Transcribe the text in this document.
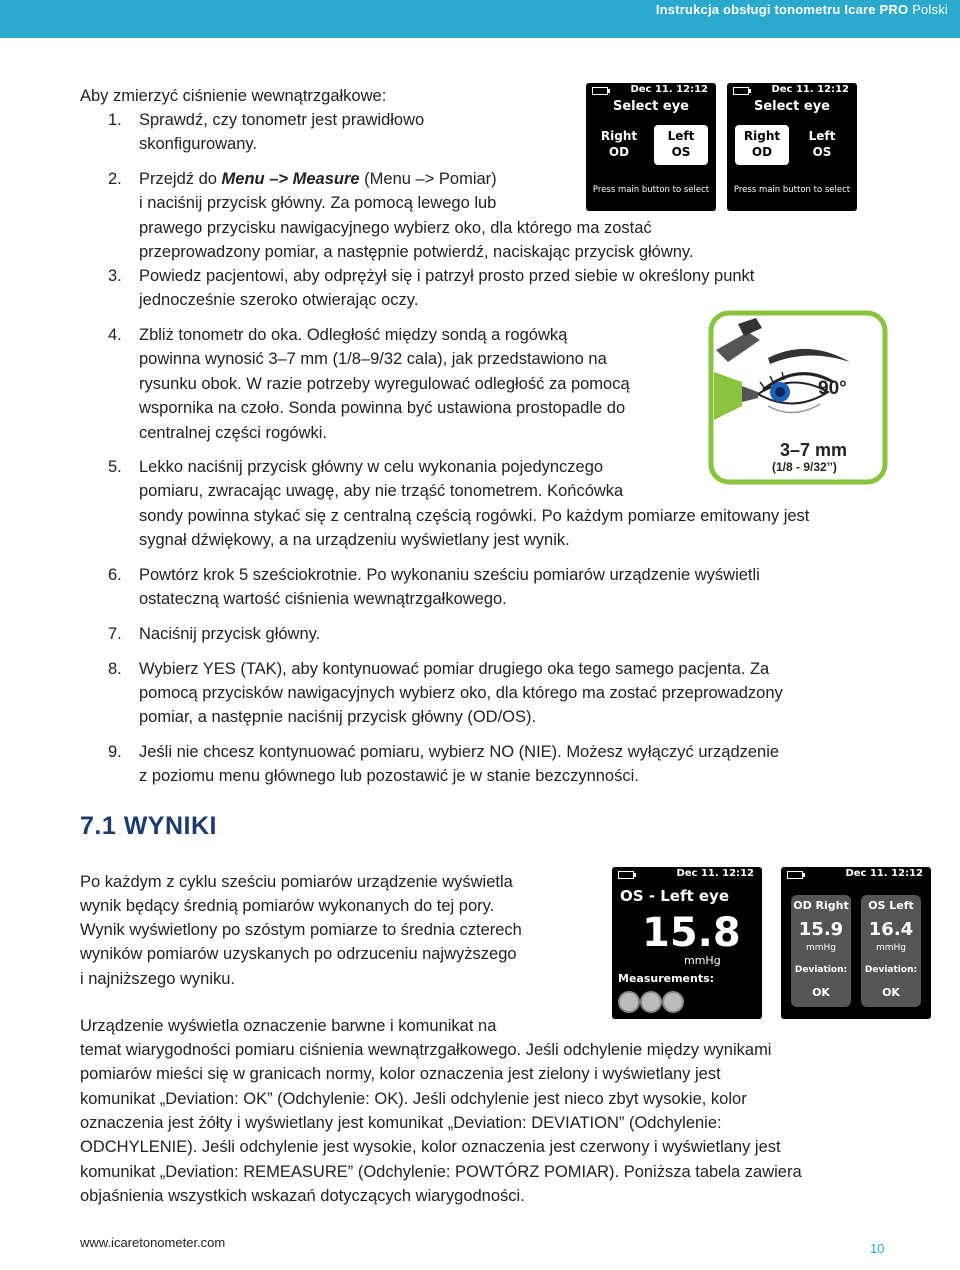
Instrukcja obsługi tonometru Icare PRO Polski
Aby zmierzyć ciśnienie wewnątrzgałkowe:
1. Sprawdź, czy tonometr jest prawidłowo
skonfigurowany.
2. Przejdź do Menu –> Measure (Menu –> Pomiar)
i naciśnij przycisk główny. Za pomocą lewego lub
prawego przycisku nawigacyjnego wybierz oko, dla którego ma zostać
przeprowadzony pomiar, a następnie potwierdź, naciskając przycisk główny.
3. Powiedz pacjentowi, aby odprężył się i patrzył prosto przed siebie w określony punkt
jednocześnie szeroko otwierając oczy.
4. Zbliż tonometr do oka. Odległość między sondą a rogówką
powinna wynosić 3–7 mm (1/8–9/32 cala), jak przedstawiono na
rysunku obok. W razie potrzeby wyregulować odległość za pomocą
wspornika na czoło. Sonda powinna być ustawiona prostopadle do
centralnej części rogówki.
5. Lekko naciśnij przycisk główny w celu wykonania pojedynczego
pomiaru, zwracając uwagę, aby nie trząść tonometrem. Końcówka
sondy powinna stykać się z centralną częścią rogówki. Po każdym pomiarze emitowany jest
sygnał dźwiękowy, a na urządzeniu wyświetlany jest wynik.
6. Powtórz krok 5 sześciokrotnie. Po wykonaniu sześciu pomiarów urządzenie wyświetli
ostateczną wartość ciśnienia wewnątrzgałkowego.
7. Naciśnij przycisk główny.
8. Wybierz YES (TAK), aby kontynuować pomiar drugiego oka tego samego pacjenta. Za
pomocą przycisków nawigacyjnych wybierz oko, dla którego ma zostać przeprowadzony
pomiar, a następnie naciśnij przycisk główny (OD/OS).
9. Jeśli nie chcesz kontynuować pomiaru, wybierz NO (NIE). Możesz wyłączyć urządzenie
z poziomu menu głównego lub pozostawić je w stanie bezczynności.
Dec 11. 12:12
Select eye
Right
OD
Left
OS
Press main button to select
Dec 11. 12:12
Select eye
Right
OD
Left
OS
Press main button to select
90°
3–7 mm
(1/8 - 9/32’’)
7.1 WYNIKI
Po każdym z cyklu sześciu pomiarów urządzenie wyświetla
wynik będący średnią pomiarów wykonanych do tej pory.
Wynik wyświetlony po szóstym pomiarze to średnia czterech
wyników pomiarów uzyskanych po odrzuceniu najwyższego
i najniższego wyniku.
Dec 11. 12:12
OS - Left eye
15.8
mmHg
Measurements:
Dec 11. 12:12
OD Right
15.9
mmHg
Deviation:
OK
OS Left
16.4
mmHg
Deviation:
OK
Urządzenie wyświetla oznaczenie barwne i komunikat na
temat wiarygodności pomiaru ciśnienia wewnątrzgałkowego. Jeśli odchylenie między wynikami
pomiarów mieści się w granicach normy, kolor oznaczenia jest zielony i wyświetlany jest
komunikat „Deviation: OK” (Odchylenie: OK). Jeśli odchylenie jest nieco zbyt wysokie, kolor
oznaczenia jest żółty i wyświetlany jest komunikat „Deviation: DEVIATION” (Odchylenie:
ODCHYLENIE). Jeśli odchylenie jest wysokie, kolor oznaczenia jest czerwony i wyświetlany jest
komunikat „Deviation: REMEASURE” (Odchylenie: POWTÓRZ POMIAR). Poniższa tabela zawiera
objaśnienia wszystkich wskazań dotyczących wiarygodności.
www.icaretonometer.com	10
